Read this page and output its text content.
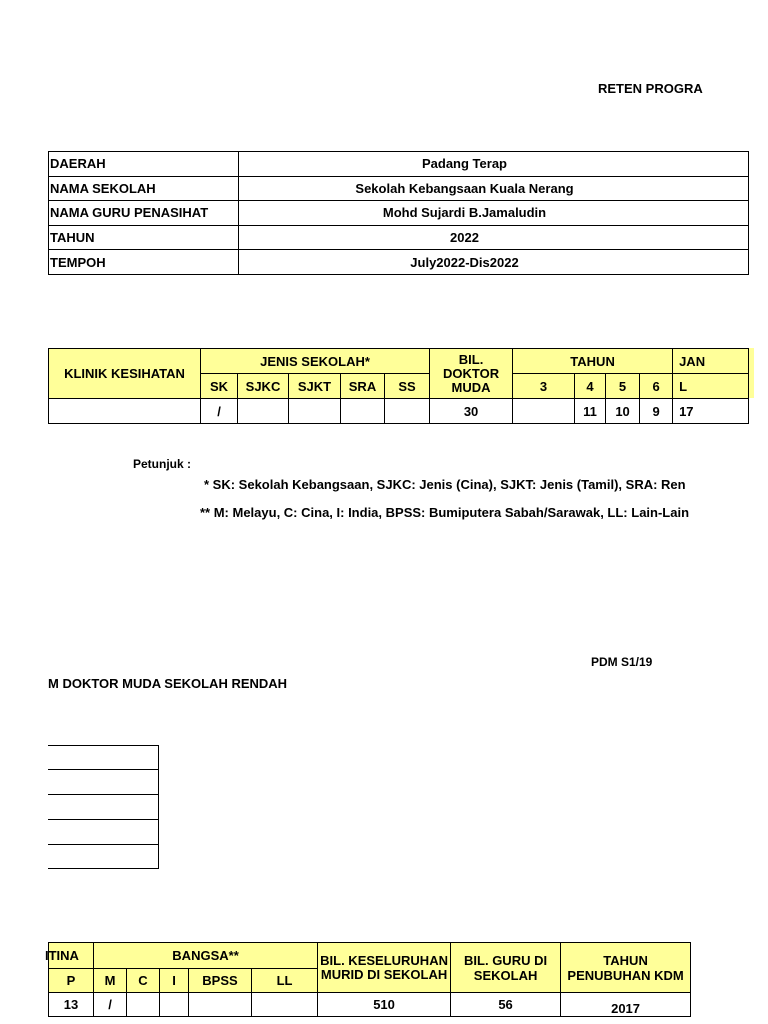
RETEN PROGRA
DAERAH	Padang Terap
NAMA SEKOLAH	Sekolah Kebangsaan Kuala Nerang
NAMA GURU PENASIHAT	Mohd Sujardi B.Jamaludin
TAHUN	2022
TEMPOH	July2022-Dis2022
KLINIK KESIHATAN	JENIS SEKOLAH*					BIL. DOKTOR MUDA	TAHUN				JAN
	SK	SJKC	SJKT	SRA	SS		3	4	5	6	L
	/					30		11	10	9	17
Petunjuk :
* SK: Sekolah Kebangsaan, SJKC: Jenis (Cina), SJKT: Jenis (Tamil), SRA: Ren
** M: Melayu, C: Cina, I: India, BPSS: Bumiputera Sabah/Sarawak, LL: Lain-Lain
PDM S1/19
M DOKTOR MUDA SEKOLAH RENDAH
ITINA	BANGSA**					BIL. KESELURUHAN MURID DI SEKOLAH	BIL. GURU DI SEKOLAH	TAHUN PENUBUHAN KDM
P	M	C	I	BPSS	LL			
13	/					510	56	2017
